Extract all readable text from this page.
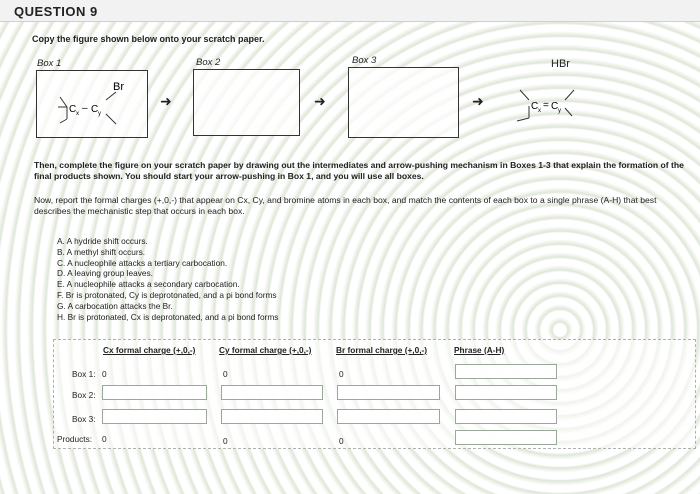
QUESTION 9
Copy the figure shown below onto your scratch paper.
Box 1	Box 2	Box 3	HBr
➜	➜	➜
Br
C x – C y
C x = C y
Then, complete the figure on your scratch paper by drawing out the intermediates and arrow-pushing mechanism in Boxes 1-3 that explain the formation of the final products shown. You should start your arrow-pushing in Box 1, and you will use all boxes.
Now, report the formal charges (+,0,-) that appear on Cx, Cy, and bromine atoms in each box, and match the contents of each box to a single phrase (A-H) that best describes the mechanistic step that occurs in each box.
A. A hydride shift occurs.
B. A methyl shift occurs.
C. A nucleophile attacks a tertiary carbocation.
D. A leaving group leaves.
E. A nucleophile attacks a secondary carbocation.
F. Br is protonated, Cy is deprotonated, and a pi bond forms
G. A carbocation attacks the Br.
H. Br is protonated, Cx is deprotonated, and a pi bond forms
Cx formal charge (+,0,-)	Cy formal charge (+,0,-)	Br formal charge (+,0,-)	Phrase (A-H)
Box 1: 0	0	0
Box 2:
Box 3:
Products: 0	0	0
